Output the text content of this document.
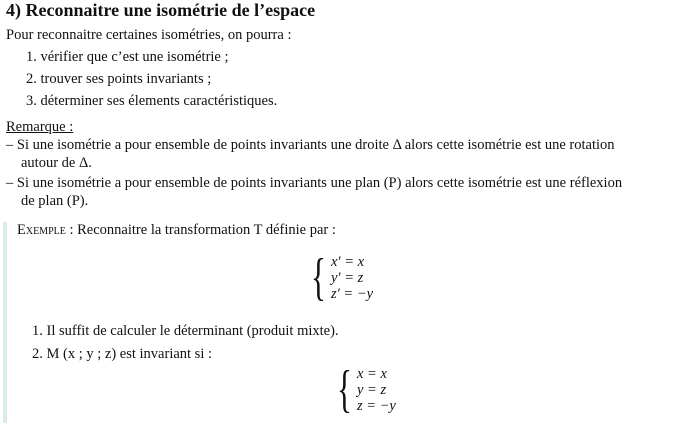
4) Reconnaitre une isométrie de l’espace
Pour reconnaitre certaines isométries, on pourra :
1. vérifier que c’est une isométrie ;
2. trouver ses points invariants ;
3. déterminer ses élements caractéristiques.
Remarque :
– Si une isométrie a pour ensemble de points invariants une droite Δ alors cette isométrie est une rotation
autour de Δ.
– Si une isométrie a pour ensemble de points invariants une plan (P) alors cette isométrie est une réflexion
de plan (P).
Exemple : Reconnaitre la transformation T définie par :
{ x′ = x
y′ = z
z′ = −y
1. Il suffit de calculer le déterminant (produit mixte).
2. M (x ; y ; z) est invariant si :
{ x = x
y = z
z = −y
